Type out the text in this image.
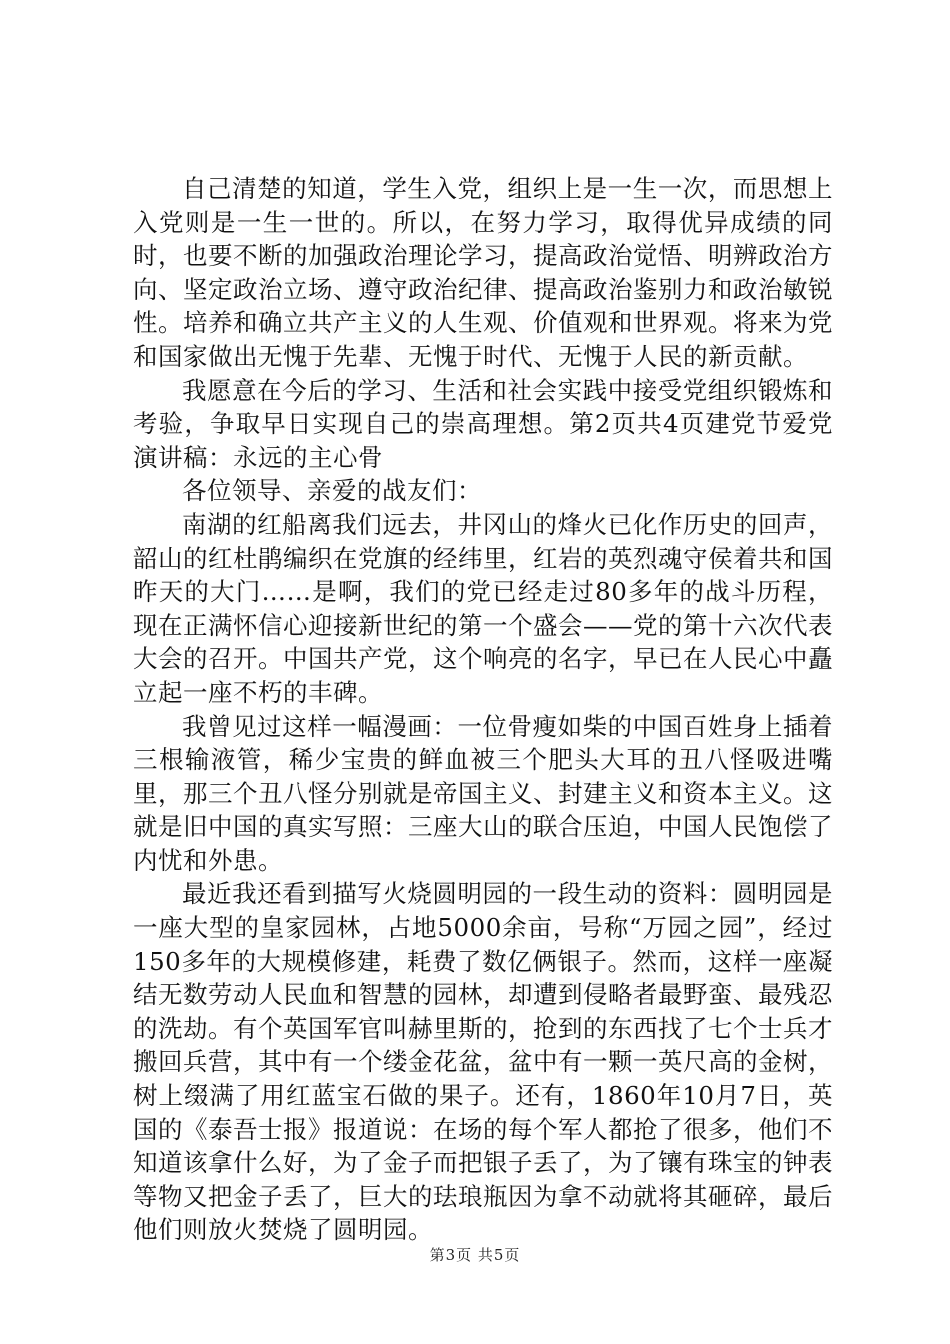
自己清楚的知道，学生入党，组织上是一生一次，而思想上入党则是一生一世的。所以，在努力学习，取得优异成绩的同时，也要不断的加强政治理论学习，提高政治觉悟、明辨政治方向、坚定政治立场、遵守政治纪律、提高政治鉴别力和政治敏锐性。培养和确立共产主义的人生观、价值观和世界观。将来为党和国家做出无愧于先辈、无愧于时代、无愧于人民的新贡献。

我愿意在今后的学习、生活和社会实践中接受党组织锻炼和考验，争取早日实现自己的崇高理想。第2页共4页建党节爱党演讲稿：永远的主心骨

各位领导、亲爱的战友们：

南湖的红船离我们远去，井冈山的烽火已化作历史的回声，韶山的红杜鹃编织在党旗的经纬里，红岩的英烈魂守侯着共和国昨天的大门……是啊，我们的党已经走过80多年的战斗历程，现在正满怀信心迎接新世纪的第一个盛会——党的第十六次代表大会的召开。中国共产党，这个响亮的名字，早已在人民心中矗立起一座不朽的丰碑。

我曾见过这样一幅漫画：一位骨瘦如柴的中国百姓身上插着三根输液管，稀少宝贵的鲜血被三个肥头大耳的丑八怪吸进嘴里，那三个丑八怪分别就是帝国主义、封建主义和资本主义。这就是旧中国的真实写照：三座大山的联合压迫，中国人民饱偿了内忧和外患。

最近我还看到描写火烧圆明园的一段生动的资料：圆明园是一座大型的皇家园林，占地5000余亩，号称“万园之园”，经过150多年的大规模修建，耗费了数亿俩银子。然而，这样一座凝结无数劳动人民血和智慧的园林，却遭到侵略者最野蛮、最残忍的洗劫。有个英国军官叫赫里斯的，抢到的东西找了七个士兵才搬回兵营，其中有一个缕金花盆，盆中有一颗一英尺高的金树，树上缀满了用红蓝宝石做的果子。还有，1860年10月7日，英国的《泰吾士报》报道说：在场的每个军人都抢了很多，他们不知道该拿什么好，为了金子而把银子丢了，为了镶有珠宝的钟表等物又把金子丢了，巨大的珐琅瓶因为拿不动就将其砸碎，最后他们则放火焚烧了圆明园。

第3页 共5页
